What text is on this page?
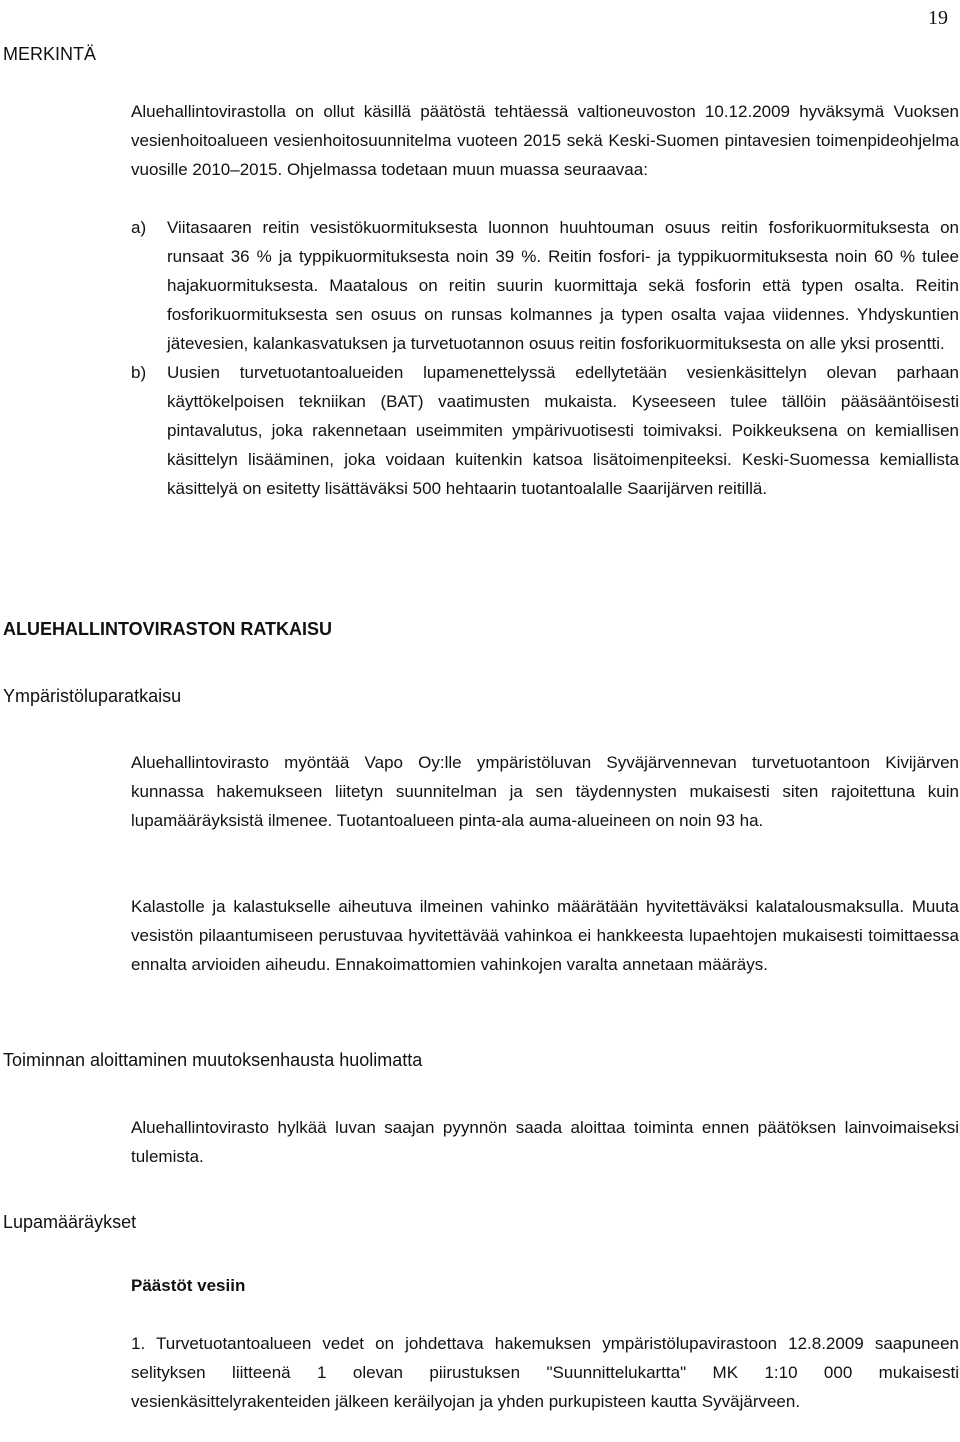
19
MERKINTÄ

Aluehallintovirastolla on ollut käsillä päätöstä tehtäessä valtioneuvoston 10.12.2009 hyväksymä Vuoksen vesienhoitoalueen vesienhoitosuunnitelma vuoteen 2015 sekä Keski-Suomen pintavesien toimenpideohjelma vuosille 2010–2015. Ohjelmassa todetaan muun muassa seuraavaa:

a) Viitasaaren reitin vesistökuormituksesta luonnon huuhtouman osuus reitin fosforikuormituksesta on runsaat 36 % ja typpikuormituksesta noin 39 %. Reitin fosfori- ja typpikuormituksesta noin 60 % tulee hajakuormituksesta. Maatalous on reitin suurin kuormittaja sekä fosforin että typen osalta. Reitin fosforikuormituksesta sen osuus on runsas kolmannes ja typen osalta vajaa viidennes. Yhdyskuntien jätevesien, kalankasvatuksen ja turvetuotannon osuus reitin fosforikuormituksesta on alle yksi prosentti.

b) Uusien turvetuotantoalueiden lupamenettelyssä edellytetään vesienkäsittelyn olevan parhaan käyttökelpoisen tekniikan (BAT) vaatimusten mukaista. Kyseeseen tulee tällöin pääsääntöisesti pintavalutus, joka rakennetaan useimmiten ympärivuotisesti toimivaksi. Poikkeuksena on kemiallisen käsittelyn lisääminen, joka voidaan kuitenkin katsoa lisätoimenpiteeksi. Keski-Suomessa kemiallista käsittelyä on esitetty lisättäväksi 500 hehtaarin tuotantoalalle Saarijärven reitillä.

ALUEHALLINTOVIRASTON RATKAISU
Ympäristöluparatkaisu

Aluehallintovirasto myöntää Vapo Oy:lle ympäristöluvan Syväjärvennevan turvetuotantoon Kivijärven kunnassa hakemukseen liitetyn suunnitelman ja sen täydennysten mukaisesti siten rajoitettuna kuin lupamääräyksistä ilmenee. Tuotantoalueen pinta-ala auma-alueineen on noin 93 ha.

Kalastolle ja kalastukselle aiheutuva ilmeinen vahinko määrätään hyvitettäväksi kalatalousmaksulla. Muuta vesistön pilaantumiseen perustuvaa hyvitettävää vahinkoa ei hankkeesta lupaehtojen mukaisesti toimittaessa ennalta arvioiden aiheudu. Ennakoimattomien vahinkojen varalta annetaan määräys.

Toiminnan aloittaminen muutoksenhausta huolimatta

Aluehallintovirasto hylkää luvan saajan pyynnön saada aloittaa toiminta ennen päätöksen lainvoimaiseksi tulemista.

Lupamääräykset

Päästöt vesiin

1. Turvetuotantoalueen vedet on johdettava hakemuksen ympäristölupavirastoon 12.8.2009 saapuneen selityksen liitteenä 1 olevan piirustuksen "Suunnittelukartta" MK 1:10 000 mukaisesti vesienkäsittelyrakenteiden jälkeen keräilyojan ja yhden purkupisteen kautta Syväjärveen.
